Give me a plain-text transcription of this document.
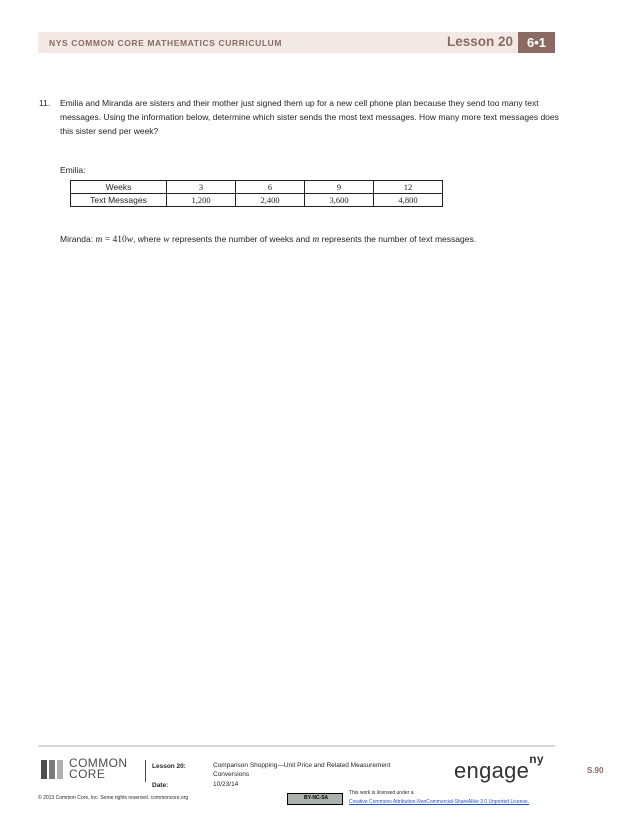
NYS COMMON CORE MATHEMATICS CURRICULUM	Lesson 20	6•1
11. Emilia and Miranda are sisters and their mother just signed them up for a new cell phone plan because they send too many text messages. Using the information below, determine which sister sends the most text messages. How many more text messages does this sister send per week?
Emilia:
Weeks	3	6	9	12
Text Messages	1,200	2,400	3,600	4,800
Miranda: m = 410w, where w represents the number of weeks and m represents the number of text messages.
COMMON
CORE
Lesson 20:	Comparison Shopping—Unit Price and Related Measurement
Conversions
Date:	10/23/14
engage$^{ny}$
S.90
© 2013 Common Core, Inc. Some rights reserved. commoncore.org	BY-NC-SA
This work is licensed under a
Creative Commons Attribution-NonCommercial-ShareAlike 3.0 Unported License.
